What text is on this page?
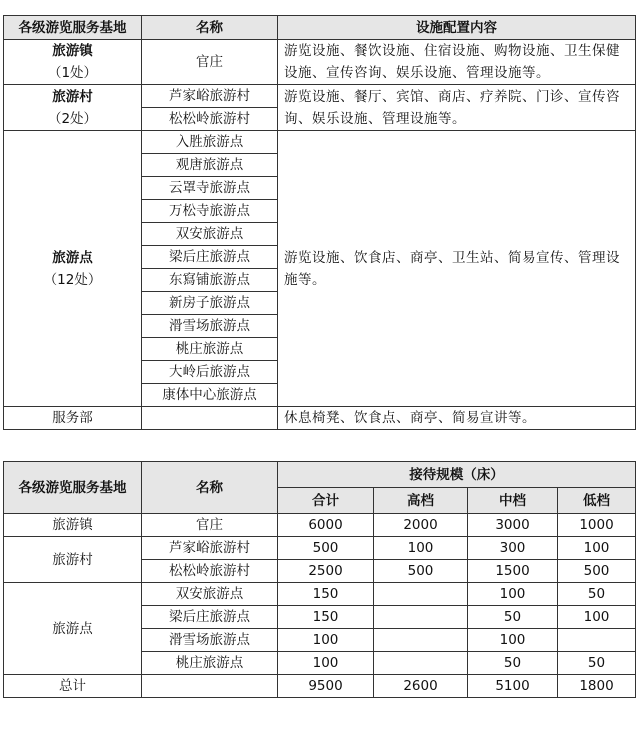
各级游览服务基地	名称	设施配置内容

旅游镇
（1处）	官庄	游览设施、餐饮设施、住宿设施、购物设施、卫生保健设施、宣传咨询、娱乐设施、管理设施等。

旅游村
（2处）	芦家峪旅游村	游览设施、餐厅、宾馆、商店、疗养院、门诊、宣传咨询、娱乐设施、管理设施等。
	松松岭旅游村	

旅游点
（12处）	入胜旅游点	游览设施、饮食店、商亭、卫生站、简易宣传、管理设施等。
	观唐旅游点	
	云罩寺旅游点	
	万松寺旅游点	
	双安旅游点	
	梁后庄旅游点	
	东寫铺旅游点	
	新房子旅游点	
	滑雪场旅游点	
	桃庄旅游点	
	大岭后旅游点	
	康体中心旅游点	

服务部		休息椅凳、饮食点、商亭、简易宣讲等。
各级游览服务基地	名称	接待规模（床）			
		合计	高档	中档	低档
旅游镇	官庄	6000	2000	3000	1000
旅游村	芦家峪旅游村	500	100	300	100
	松松岭旅游村	2500	500	1500	500
旅游点	双安旅游点	150		100	50
	梁后庄旅游点	150		50	100
	滑雪场旅游点	100		100	
	桃庄旅游点	100		50	50
总计		9500	2600	5100	1800
